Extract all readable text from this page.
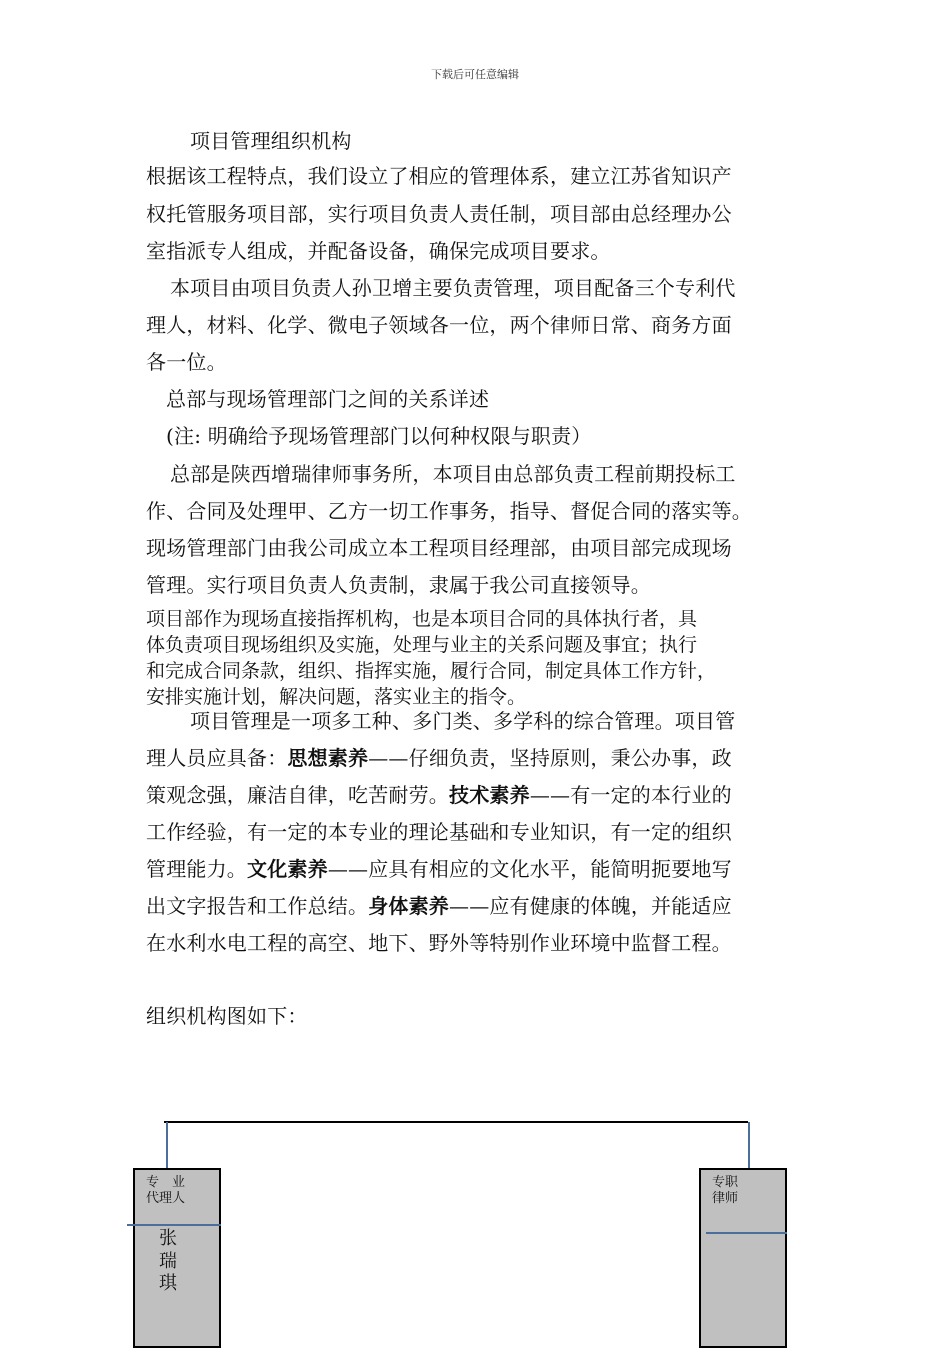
下载后可任意编辑
项目管理组织机构
根据该工程特点，我们设立了相应的管理体系，建立江苏省知识产
权托管服务项目部，实行项目负责人责任制，项目部由总经理办公
室指派专人组成，并配备设备，确保完成项目要求。
本项目由项目负责人孙卫增主要负责管理，项目配备三个专利代
理人，材料、化学、微电子领域各一位，两个律师日常、商务方面
各一位。
总部与现场管理部门之间的关系详述
(注: 明确给予现场管理部门以何种权限与职责）
总部是陕西增瑞律师事务所，本项目由总部负责工程前期投标工
作、合同及处理甲、乙方一切工作事务，指导、督促合同的落实等。
现场管理部门由我公司成立本工程项目经理部，由项目部完成现场
管理。实行项目负责人负责制，隶属于我公司直接领导。
项目部作为现场直接指挥机构，也是本项目合同的具体执行者，具
体负责项目现场组织及实施，处理与业主的关系问题及事宜；执行
和完成合同条款，组织、指挥实施，履行合同，制定具体工作方针，
安排实施计划，解决问题，落实业主的指令。
项目管理是一项多工种、多门类、多学科的综合管理。项目管
理人员应具备：思想素养——仔细负责，坚持原则，秉公办事，政
策观念强，廉洁自律，吃苦耐劳。技术素养——有一定的本行业的
工作经验，有一定的本专业的理论基础和专业知识，有一定的组织
管理能力。文化素养——应具有相应的文化水平，能简明扼要地写
出文字报告和工作总结。身体素养——应有健康的体魄，并能适应
在水利水电工程的高空、地下、野外等特别作业环境中监督工程。
组织机构图如下：
专　业
代理人
张
瑞
琪
专职
律师
